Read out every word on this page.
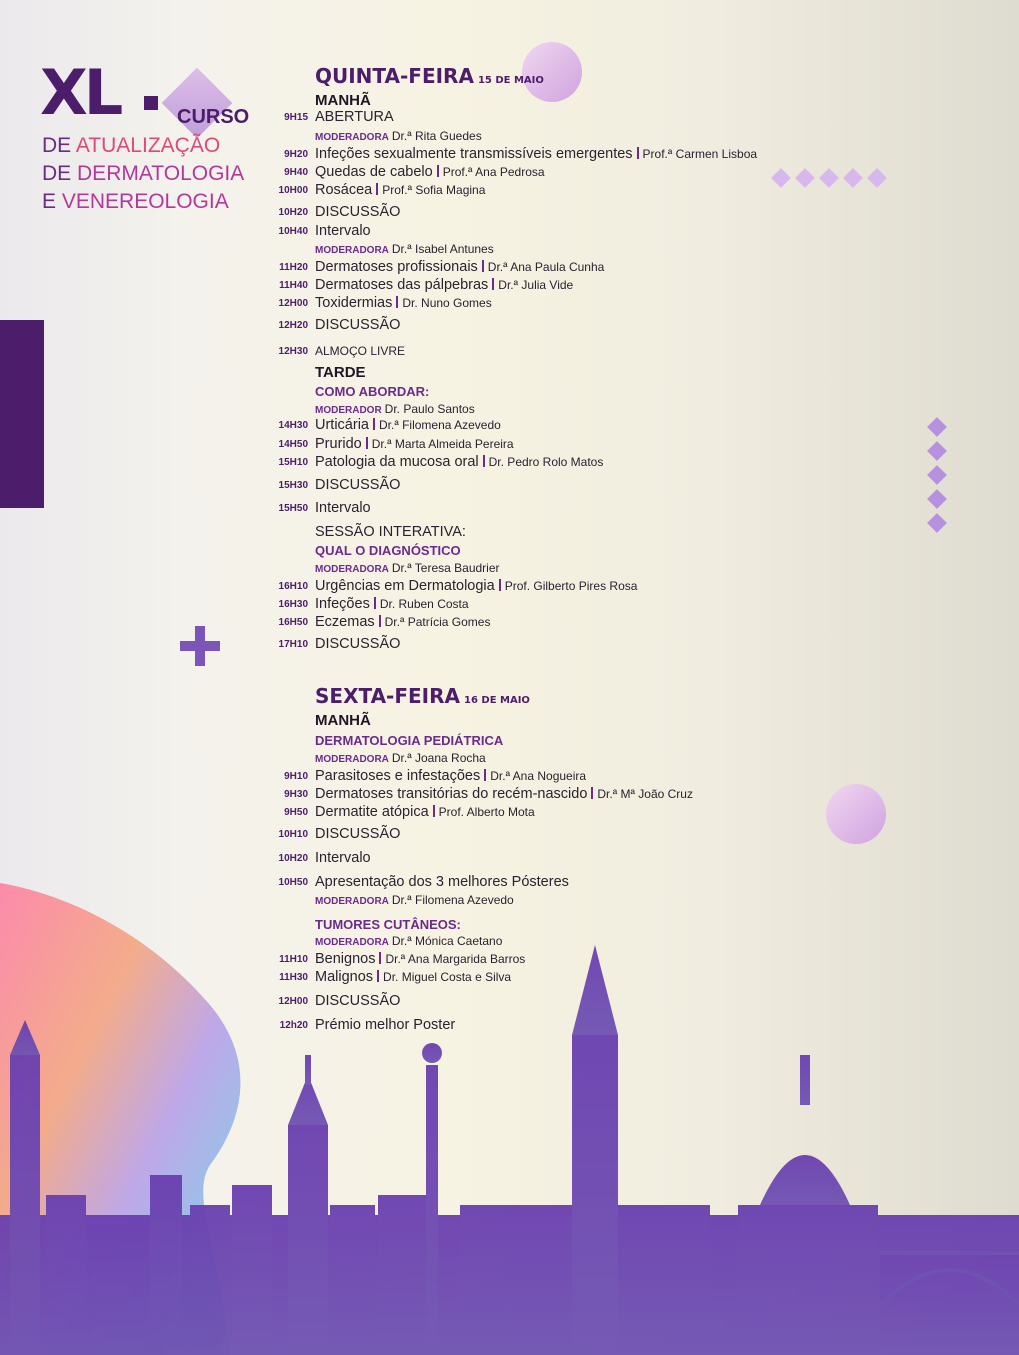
XL	CURSO
DE ATUALIZAÇÃO
DE DERMATOLOGIA
E VENEREOLOGIA
QUINTA-FEIRA 15 DE MAIO
MANHÃ
9H15 ABERTURA
MODERADORA Dr.ª Rita Guedes
9H20 Infeções sexualmente transmissíveis emergentes Prof.ª Carmen Lisboa
9H40 Quedas de cabelo Prof.ª Ana Pedrosa
10H00 Rosácea Prof.ª Sofia Magina
10H20 DISCUSSÃO
10H40 Intervalo
MODERADORA Dr.ª Isabel Antunes
11H20 Dermatoses profissionais Dr.ª Ana Paula Cunha
11H40 Dermatoses das pálpebras Dr.ª Julia Vide
12H00 Toxidermias Dr. Nuno Gomes
12H20 DISCUSSÃO
12H30 ALMOÇO LIVRE
TARDE
COMO ABORDAR:
MODERADOR Dr. Paulo Santos
14H30 Urticária Dr.ª Filomena Azevedo
14H50 Prurido Dr.ª Marta Almeida Pereira
15H10 Patologia da mucosa oral Dr. Pedro Rolo Matos
15H30 DISCUSSÃO
15H50 Intervalo
SESSÃO INTERATIVA:
QUAL O DIAGNÓSTICO
MODERADORA Dr.ª Teresa Baudrier
16H10 Urgências em Dermatologia Prof. Gilberto Pires Rosa
16H30 Infeções Dr. Ruben Costa
16H50 Eczemas Dr.ª Patrícia Gomes
17H10 DISCUSSÃO
SEXTA-FEIRA 16 DE MAIO
MANHÃ
DERMATOLOGIA PEDIÁTRICA
MODERADORA Dr.ª Joana Rocha
9H10 Parasitoses e infestações Dr.ª Ana Nogueira
9H30 Dermatoses transitórias do recém-nascido Dr.ª Mª João Cruz
9H50 Dermatite atópica Prof. Alberto Mota
10H10 DISCUSSÃO
10H20 Intervalo
10H50 Apresentação dos 3 melhores Pósteres
MODERADORA Dr.ª Filomena Azevedo
TUMORES CUTÂNEOS:
MODERADORA Dr.ª Mónica Caetano
11H10 Benignos Dr.ª Ana Margarida Barros
11H30 Malignos Dr. Miguel Costa e Silva
12H00 DISCUSSÃO
12h20 Prémio melhor Poster
